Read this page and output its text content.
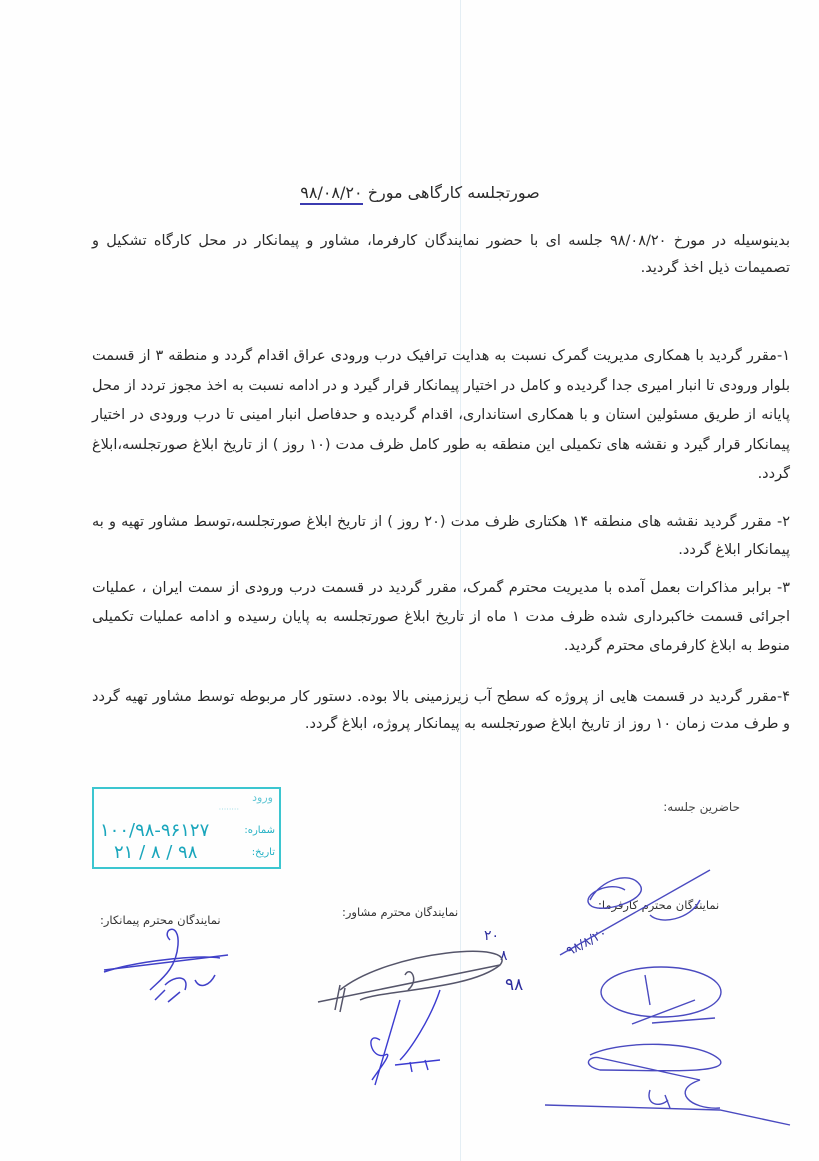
صورتجلسه کارگاهی مورخ ۹۸/۰۸/۲۰
بدینوسیله در مورخ ۹۸/۰۸/۲۰ جلسه ای با حضور نمایندگان کارفرما، مشاور و پیمانکار در محل کارگاه تشکیل و تصمیمات ذیل اخذ گردید.
۱-مقرر گردید با همکاری مدیریت گمرک نسبت به هدایت ترافیک درب ورودی عراق اقدام گردد و منطقه ۳ از قسمت بلوار ورودی تا انبار امیری جدا گردیده و کامل در اختیار پیمانکار قرار گیرد و در ادامه نسبت به اخذ مجوز تردد از محل پایانه از طریق مسئولین استان و با همکاری استانداری، اقدام گردیده و حدفاصل انبار امینی تا درب ورودی در اختیار پیمانکار قرار گیرد و نقشه های تکمیلی این منطقه به طور کامل ظرف مدت (۱۰ روز ) از تاریخ ابلاغ صورتجلسه،ابلاغ گردد.
۲- مقرر گردید نقشه های منطقه ۱۴ هکتاری ظرف مدت (۲۰ روز ) از تاریخ ابلاغ صورتجلسه،توسط مشاور تهیه و به پیمانکار ابلاغ گردد.
۳- برابر مذاکرات بعمل آمده با مدیریت محترم گمرک، مقرر گردید در قسمت درب ورودی از سمت ایران ، عملیات اجرائی قسمت خاکبرداری شده ظرف مدت ۱ ماه از تاریخ ابلاغ صورتجلسه به پایان رسیده و ادامه عملیات تکمیلی منوط به ابلاغ کارفرمای محترم گردید.
۴-مقرر گردید در قسمت هایی از پروژه که سطح آب زیرزمینی بالا بوده. دستور کار مربوطه توسط مشاور تهیه گردد و طرف مدت زمان ۱۰ روز از تاریخ ابلاغ صورتجلسه به پیمانکار پروژه، ابلاغ گردد.
ورود
········
شماره:
۱۰۰/۹۸-۹۶۱۲۷
تاریخ:
۹۸ / ۸ / ۲۱
حاضرین جلسه:
نمایندگان محترم کارفرما:
نمایندگان محترم مشاور:
نمایندگان محترم پیمانکار:
۲۰
۸
۹۸
۹۸/۸/۲۰
